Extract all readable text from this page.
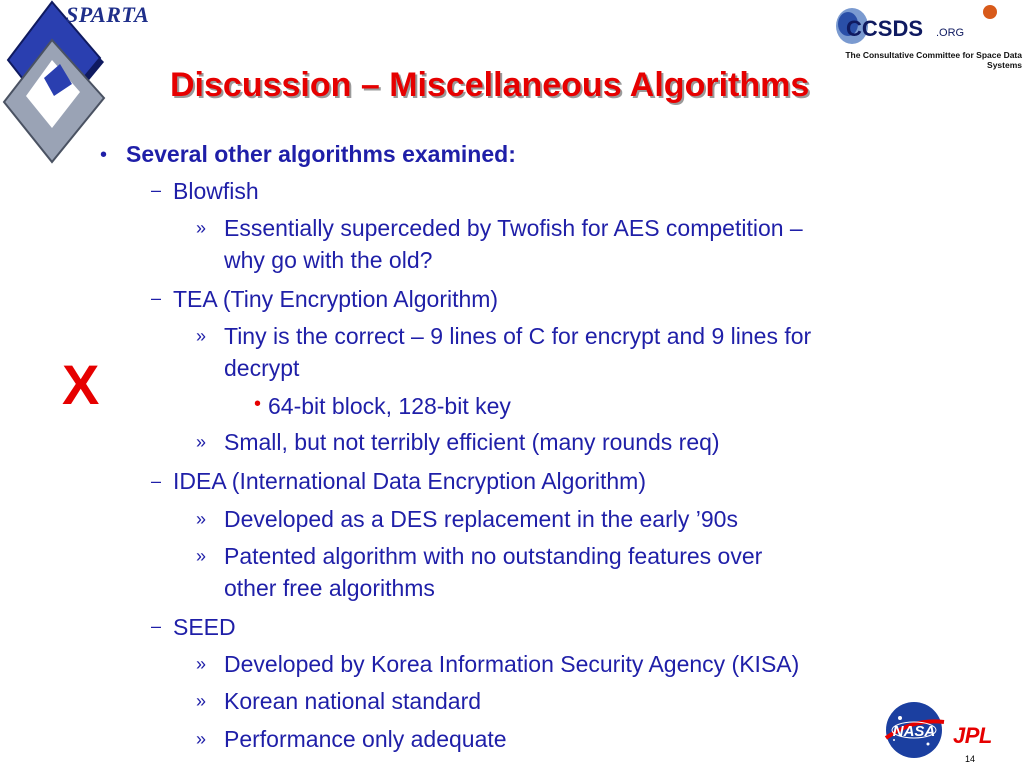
SPARTA
CCSDS .ORG
The Consultative Committee for Space Data Systems
Discussion – Miscellaneous Algorithms
X
• Several other algorithms examined:
– Blowfish
» Essentially superceded by Twofish for AES competition –
why go with the old?
– TEA (Tiny Encryption Algorithm)
» Tiny is the correct – 9 lines of C for encrypt and 9 lines for
decrypt
• 64-bit block, 128-bit key
» Small, but not terribly efficient (many rounds req)
– IDEA (International Data Encryption Algorithm)
» Developed as a DES replacement in the early ’90s
» Patented algorithm with no outstanding features over
other free algorithms
– SEED
» Developed by Korea Information Security Agency (KISA)
» Korean national standard
» Performance only adequate	NASA JPL
14
